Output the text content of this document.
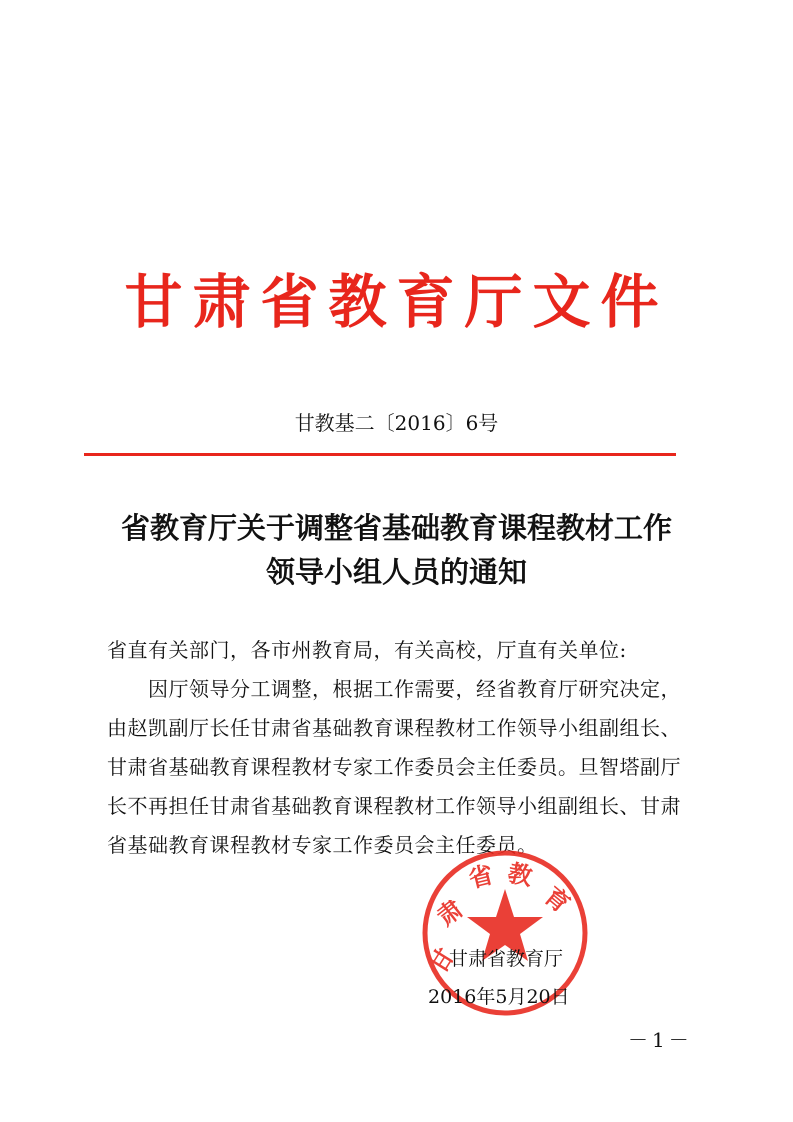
甘肃省教育厅文件
甘教基二〔2016〕6号
省教育厅关于调整省基础教育课程教材工作
领导小组人员的通知
省直有关部门，各市州教育局，有关高校，厅直有关单位:
因厅领导分工调整，根据工作需要，经省教育厅研究决定，
由赵凯副厅长任甘肃省基础教育课程教材工作领导小组副组长、
甘肃省基础教育课程教材专家工作委员会主任委员。旦智塔副厅
长不再担任甘肃省基础教育课程教材工作领导小组副组长、甘肃
省基础教育课程教材专家工作委员会主任委员。
甘
肃
省 教
育
甘肃省教育厅
2016年5月20日
－1－
